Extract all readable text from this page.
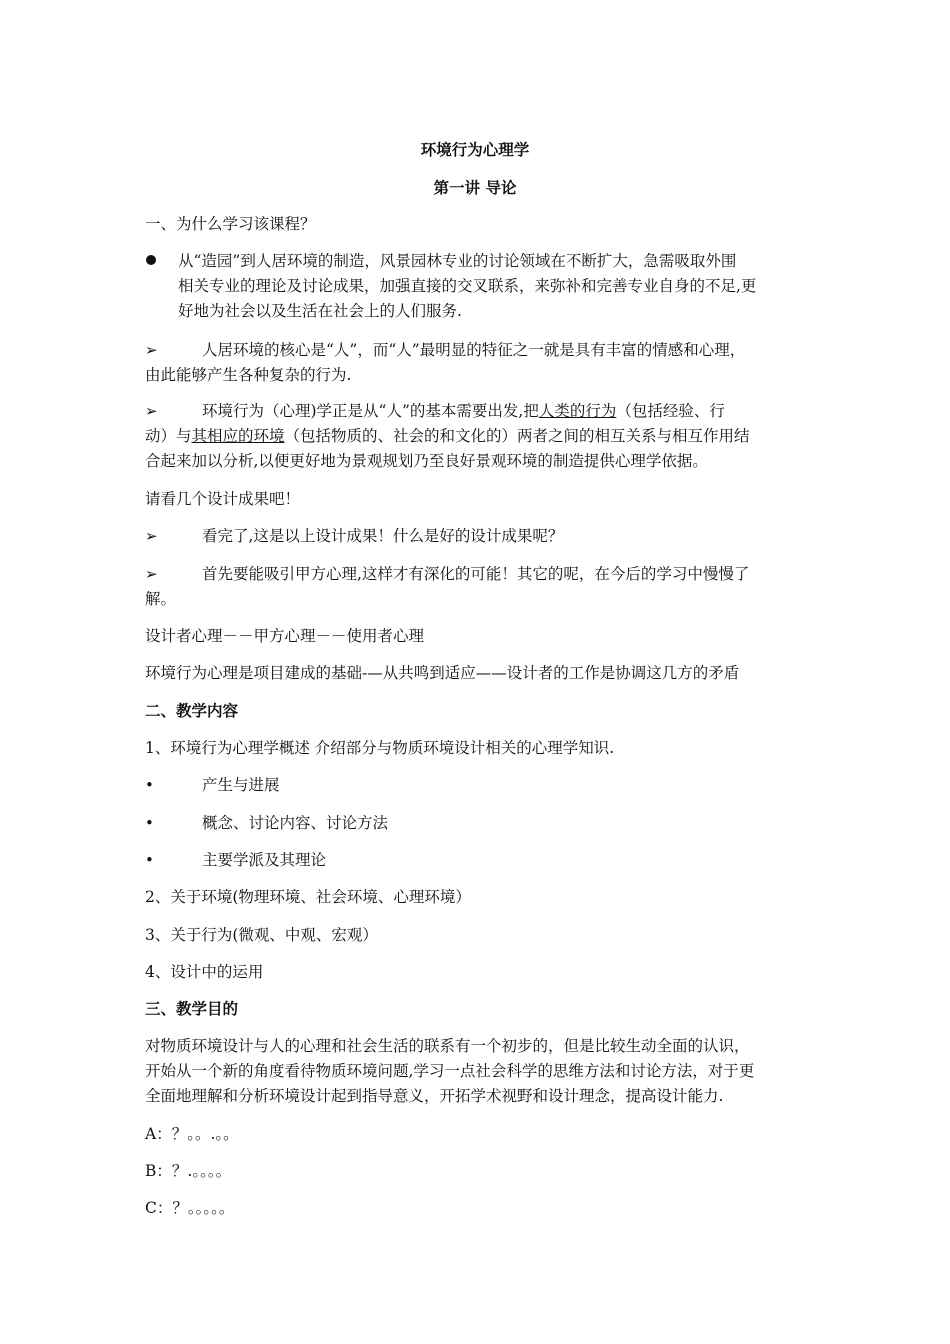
环境行为心理学
第一讲 导论
一、为什么学习该课程？
从“造园”到人居环境的制造，风景园林专业的讨论领域在不断扩大，急需吸取外围
相关专业的理论及讨论成果，加强直接的交叉联系，来弥补和完善专业自身的不足,更
好地为社会以及生活在社会上的人们服务.
➢	人居环境的核心是“人”，而“人”最明显的特征之一就是具有丰富的情感和心理，
由此能够产生各种复杂的行为.
➢	环境行为（心理)学正是从“人”的基本需要出发,把人类的行为（包括经验、行
动）与其相应的环境（包括物质的、社会的和文化的）两者之间的相互关系与相互作用结
合起来加以分析,以便更好地为景观规划乃至良好景观环境的制造提供心理学依据。
请看几个设计成果吧！
➢	看完了,这是以上设计成果！什么是好的设计成果呢？
➢	首先要能吸引甲方心理,这样才有深化的可能！其它的呢，在今后的学习中慢慢了
解。
设计者心理－－甲方心理－－使用者心理
环境行为心理是项目建成的基础-—从共鸣到适应——设计者的工作是协调这几方的矛盾
二、教学内容
1、环境行为心理学概述 介绍部分与物质环境设计相关的心理学知识.
•	产生与进展
•	概念、讨论内容、讨论方法
•	主要学派及其理论
2、关于环境(物理环境、社会环境、心理环境）
3、关于行为(微观、中观、宏观）
4、设计中的运用
三、教学目的
对物质环境设计与人的心理和社会生活的联系有一个初步的，但是比较生动全面的认识，
开始从一个新的角度看待物质环境问题,学习一点社会科学的思维方法和讨论方法，对于更
全面地理解和分析环境设计起到指导意义，开拓学术视野和设计理念，提高设计能力.
A：？。。.。。
B：？.。。。。
C：？。。。。。
